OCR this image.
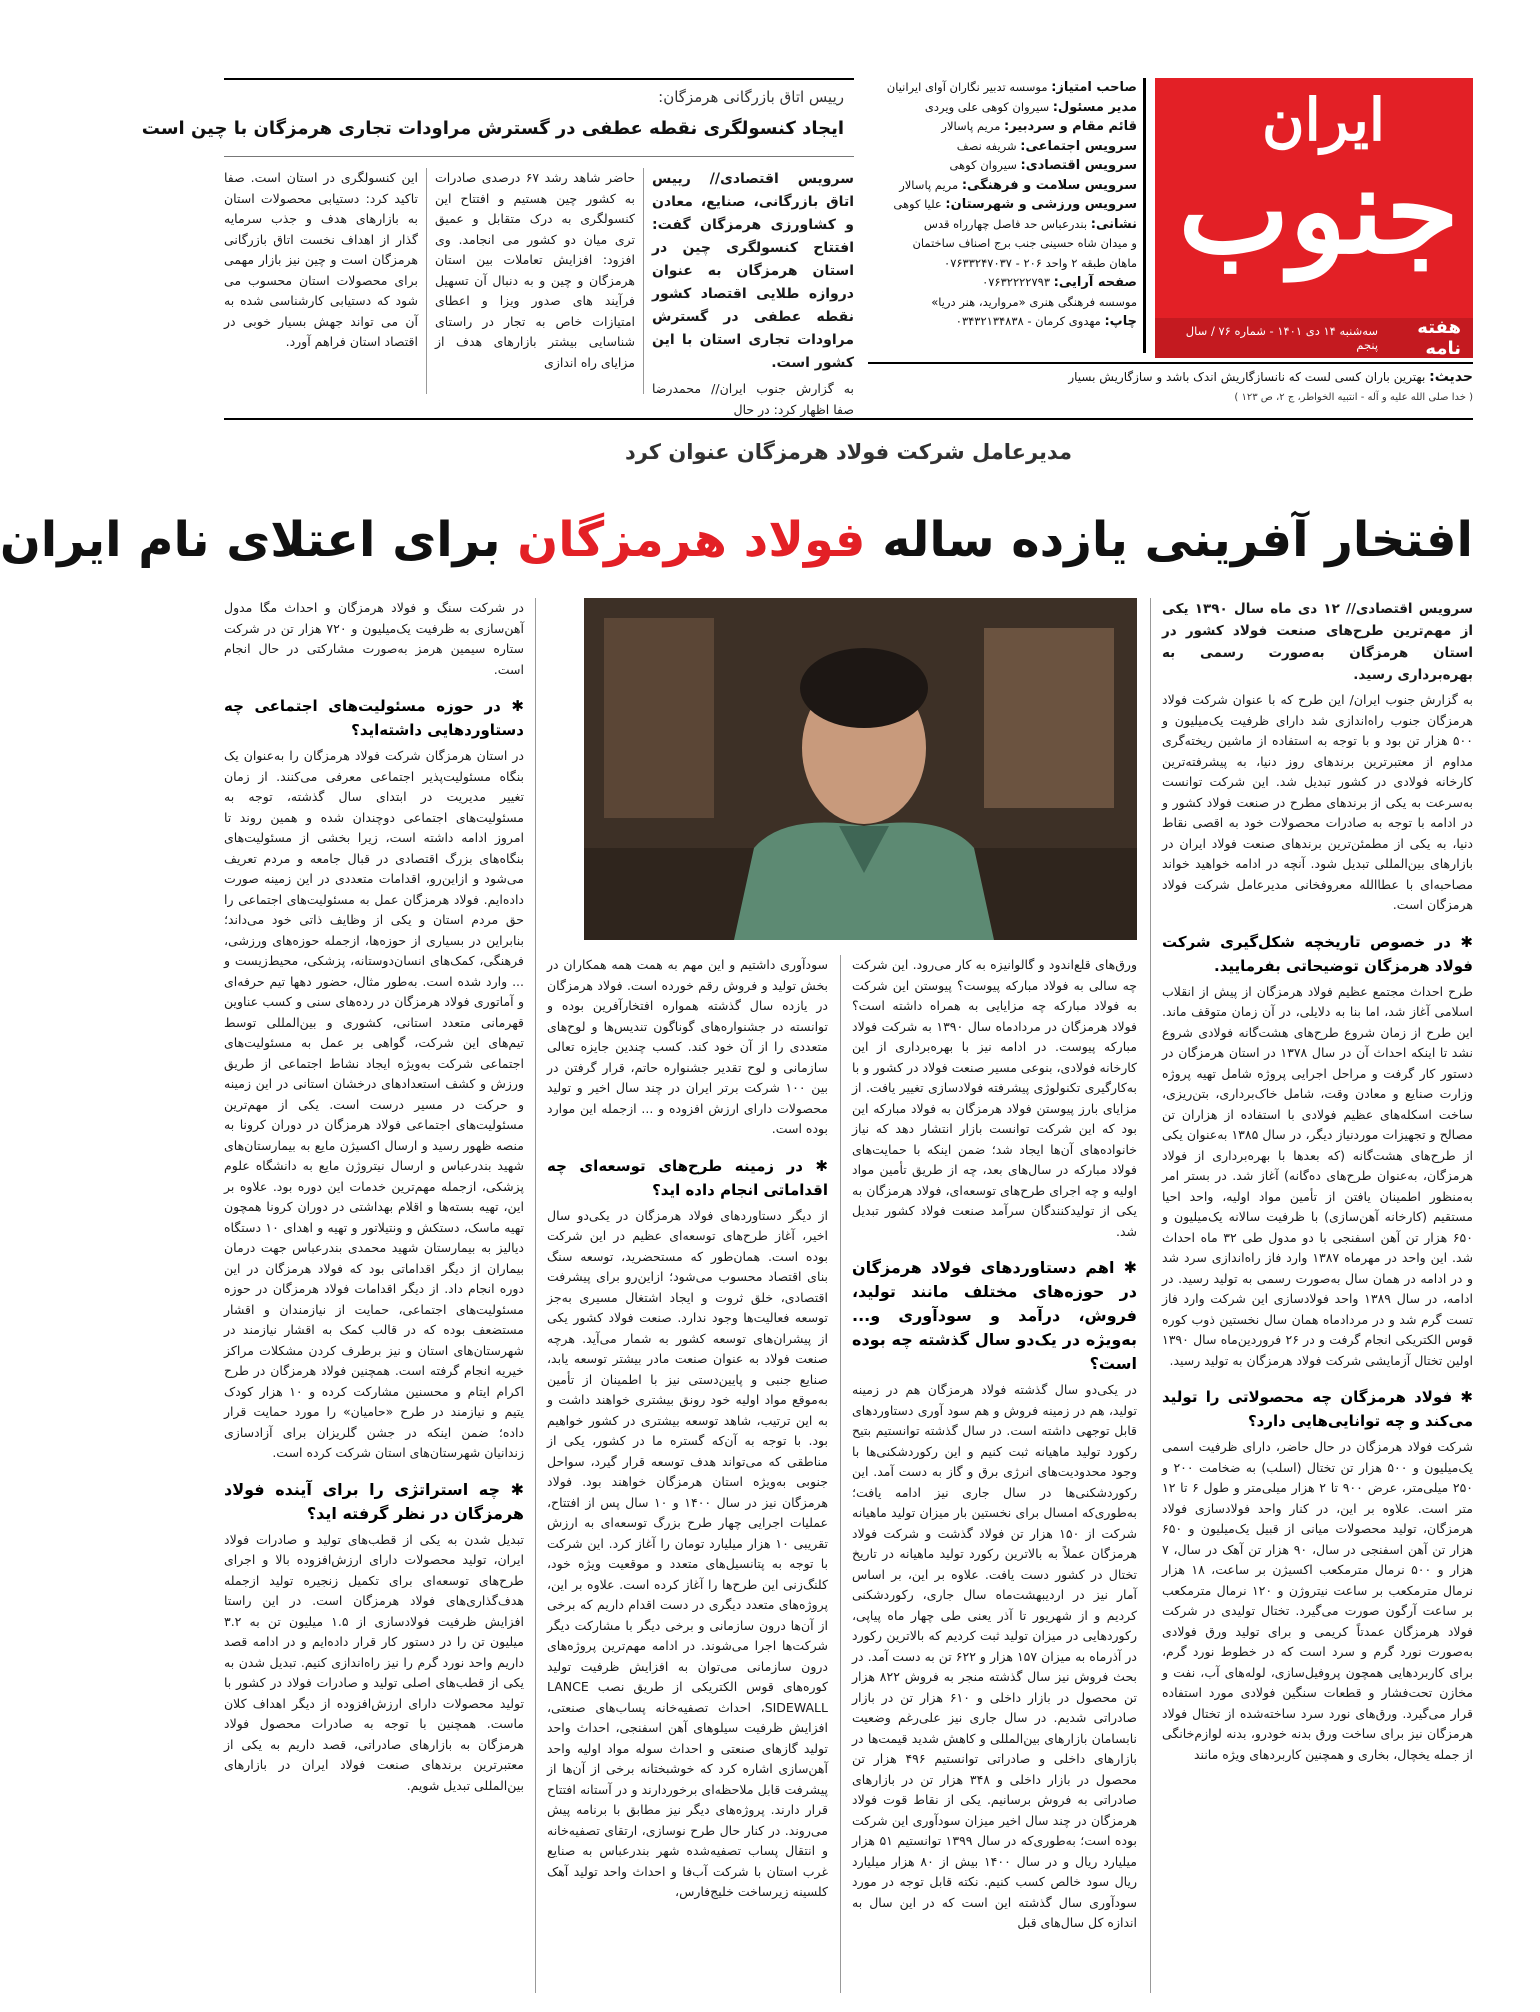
ایران
جنوب
هفته نامه
سه‌شنبه ۱۴ دی ۱۴۰۱ - شماره ۷۶ / سال پنجم
صاحب امتیاز: موسسه تدبیر نگاران آوای ایرانیان
مدیر مسئول: سیروان کوهی علی ویردی
قائم مقام و سردبیر: مریم پاسالار
سرویس اجتماعی: شریفه نصف
سرویس اقتصادی: سیروان کوهی
سرویس سلامت و فرهنگی: مریم پاسالار
سرویس ورزشی و شهرستان: علیا کوهی
نشانی: بندرعباس حد فاصل چهارراه قدس
و میدان شاه حسینی جنب برج اصناف ساختمان
ماهان طبقه ۲ واحد ۲۰۶ - ۰۷۶۳۳۲۴۷۰۳۷
صفحه آرایی: ۰۷۶۳۲۲۲۲۷۹۳
موسسه فرهنگی هنری «مروارید، هنر دریا»
چاپ: مهدوی کرمان - ۰۳۴۳۲۱۳۴۸۳۸
حدیث: بهترین باران کسی لست که نانسازگاریش اندک باشد و سازگاریش بسیار
( خدا صلی الله علیه و آله - انتبیه الخواطر، ج ۲، ص ۱۲۳ )
رییس اتاق بازرگانی هرمزگان:
ایجاد کنسولگری نقطه عطفی در گسترش مراودات تجاری هرمزگان با چین است

سرویس اقتصادی// رییس اتاق بازرگانی، صنایع، معادن و کشاورزی هرمزگان گفت: افتتاح کنسولگری چین در استان هرمزگان به عنوان دروازه طلایی اقتصاد کشور نقطه عطفی در گسترش مراودات تجاری استان با این کشور است.

به گزارش جنوب ایران// محمدرضا صفا اظهار کرد: در حال

حاضر شاهد رشد ۶۷ درصدی صادرات به کشور چین هستیم و افتتاح این کنسولگری به درک متقابل و عمیق تری میان دو کشور می انجامد. وی افزود: افزایش تعاملات بین استان هرمزگان و چین و به دنبال آن تسهیل فرآیند های صدور ویزا و اعطای امتیازات خاص به تجار در راستای شناسایی بیشتر بازارهای هدف از مزایای راه اندازی

این کنسولگری در استان است. صفا تاکید کرد: دستیابی محصولات استان به بازارهای هدف و جذب سرمایه گذار از اهداف نخست اتاق بازرگانی هرمزگان است و چین نیز بازار مهمی برای محصولات استان محسوب می شود که دستیابی کارشناسی شده به آن می تواند جهش بسیار خوبی در اقتصاد استان فراهم آورد.

مدیرعامل شرکت فولاد هرمزگان عنوان کرد
افتخار آفرینی یازده ساله فولاد هرمزگان برای اعتلای نام ایران

سرویس اقتصادی// ۱۲ دی ماه سال ۱۳۹۰ یکی از مهم‌ترین طرح‌های صنعت فولاد کشور در استان هرمزگان به‌صورت رسمی به بهره‌برداری رسید.

به گزارش جنوب ایران/ این طرح که با عنوان شرکت فولاد هرمزگان جنوب راه‌اندازی شد دارای ظرفیت یک‌میلیون و ۵۰۰ هزار تن بود و با توجه به استفاده از ماشین ریخته‌گری مداوم از معتبرترین برندهای روز دنیا، به پیشرفته‌ترین کارخانه فولادی در کشور تبدیل شد. این شرکت توانست به‌سرعت به یکی از برندهای مطرح در صنعت فولاد کشور و در ادامه با توجه به صادرات محصولات خود به اقصی نقاط دنیا، به یکی از مطمئن‌ترین برندهای صنعت فولاد ایران در بازارهای بین‌المللی تبدیل شود. آنچه در ادامه خواهید خواند مصاحبه‌ای با عطاالله معروفخانی مدیرعامل شرکت فولاد هرمزگان است.

✱ در خصوص تاریخچه شکل‌گیری شرکت فولاد هرمزگان توضیحاتی بفرمایید.

طرح احداث مجتمع عظیم فولاد هرمزگان از پیش از انقلاب اسلامی آغاز شد، اما بنا به دلایلی، در آن زمان متوقف ماند. این طرح از زمان شروع طرح‌های هشت‌گانه فولادی شروع نشد تا اینکه احداث آن در سال ۱۳۷۸ در استان هرمزگان در دستور کار گرفت و مراحل اجرایی پروژه شامل تهیه پروژه وزارت صنایع و معادن وقت، شامل خاک‌برداری، بتن‌ریزی، ساخت اسکله‌های عظیم فولادی با استفاده از هزاران تن مصالح و تجهیزات موردنیاز دیگر، در سال ۱۳۸۵ به‌عنوان یکی از طرح‌های هشت‌گانه (که بعدها با بهره‌برداری از فولاد هرمزگان، به‌عنوان طرح‌های ده‌گانه) آغاز شد. در بستر امر به‌منظور اطمینان یافتن از تأمین مواد اولیه، واحد احیا مستقیم (کارخانه آهن‌سازی) با ظرفیت سالانه یک‌میلیون و ۶۵۰ هزار تن آهن اسفنجی با دو مدول طی ۳۲ ماه احداث شد. این واحد در مهرماه ۱۳۸۷ وارد فاز راه‌اندازی سرد شد و در ادامه در همان سال به‌صورت رسمی به تولید رسید. در ادامه، در سال ۱۳۸۹ واحد فولادسازی این شرکت وارد فاز تست گرم شد و در مردادماه همان سال نخستین ذوب کوره قوس الکتریکی انجام گرفت و در ۲۶ فروردین‌ماه سال ۱۳۹۰ اولین تختال آزمایشی شرکت فولاد هرمزگان به تولید رسید.

✱ فولاد هرمزگان چه محصولاتی را تولید می‌کند و چه توانایی‌هایی دارد؟

شرکت فولاد هرمزگان در حال حاضر، دارای ظرفیت اسمی یک‌میلیون و ۵۰۰ هزار تن تختال (اسلب) به ضخامت ۲۰۰ و ۲۵۰ میلی‌متر، عرض ۹۰۰ تا ۲ هزار میلی‌متر و طول ۶ تا ۱۲ متر است. علاوه بر این، در کنار واحد فولادسازی فولاد هرمزگان، تولید محصولات میانی از قبیل یک‌میلیون و ۶۵۰ هزار تن آهن اسفنجی در سال، ۹۰ هزار تن آهک در سال، ۷ هزار و ۵۰۰ نرمال مترمکعب اکسیژن بر ساعت، ۱۸ هزار نرمال مترمکعب بر ساعت نیتروژن و ۱۲۰ نرمال مترمکعب بر ساعت آرگون صورت می‌گیرد. تختال تولیدی در شرکت فولاد هرمزگان عمدتاً کریمی و برای تولید ورق فولادی به‌صورت نورد گرم و سرد است که در خطوط نورد گرم، برای کاربردهایی همچون پروفیل‌سازی، لوله‌های آب، نفت و مخازن تحت‌فشار و قطعات سنگین فولادی مورد استفاده قرار می‌گیرد. ورق‌های نورد سرد ساخته‌شده از تختال فولاد هرمزگان نیز برای ساخت ورق بدنه خودرو، بدنه لوازم‌خانگی از جمله یخچال، بخاری و همچنین کاربردهای ویژه مانند

ورق‌های قلع‌اندود و گالوانیزه به کار می‌رود. این شرکت چه سالی به فولاد مبارکه پیوست؟ پیوستن این شرکت به فولاد مبارکه چه مزایایی به همراه داشته است؟ فولاد هرمزگان در مردادماه سال ۱۳۹۰ به شرکت فولاد مبارکه پیوست. در ادامه نیز با بهره‌برداری از این کارخانه فولادی، بنوعی مسیر صنعت فولاد در کشور و با به‌کارگیری تکنولوژی پیشرفته فولادسازی تغییر یافت. از مزایای بارز پیوستن فولاد هرمزگان به فولاد مبارکه این بود که این شرکت توانست بازار انتشار دهد که نیاز خانواده‌های آن‌ها ایجاد شد؛ ضمن اینکه با حمایت‌های فولاد مبارکه در سال‌های بعد، چه از طریق تأمین مواد اولیه و چه اجرای طرح‌های توسعه‌ای، فولاد هرمزگان به یکی از تولیدکنندگان سرآمد صنعت فولاد کشور تبدیل شد.

✱ اهم دستاوردهای فولاد هرمزگان در حوزه‌های مختلف مانند تولید، فروش، درآمد و سودآوری و... به‌ویژه در یک‌دو سال گذشته چه بوده است؟

در یکی‌دو سال گذشته فولاد هرمزگان هم در زمینه تولید، هم در زمینه فروش و هم سود آوری دستاوردهای قابل توجهی داشته است. در سال گذشته توانستیم بتیح رکورد تولید ماهیانه ثبت کنیم و این رکوردشکنی‌ها با وجود محدودیت‌های انرژی برق و گاز به دست آمد. این رکوردشکنی‌ها در سال جاری نیز ادامه یافت؛ به‌طوری‌که امسال برای نخستین بار میزان تولید ماهیانه شرکت از ۱۵۰ هزار تن فولاد گذشت و شرکت فولاد هرمزگان عملاً به بالاترین رکورد تولید ماهیانه در تاریخ تختال در کشور دست یافت. علاوه بر این، بر اساس آمار نیز در اردیبهشت‌ماه سال جاری، رکوردشکنی کردیم و از شهریور تا آذر یعنی طی چهار ماه پیاپی، رکوردهایی در میزان تولید ثبت کردیم که بالاترین رکورد در آذرماه به میزان ۱۵۷ هزار و ۶۲۲ تن به دست آمد. در بحث فروش نیز سال گذشته منجر به فروش ۸۲۲ هزار تن محصول در بازار داخلی و ۶۱۰ هزار تن در بازار صادراتی شدیم. در سال جاری نیز علی‌رغم وضعیت نابسامان بازارهای بین‌المللی و کاهش شدید قیمت‌ها در بازارهای داخلی و صادراتی توانستیم ۴۹۶ هزار تن محصول در بازار داخلی و ۳۴۸ هزار تن در بازارهای صادراتی به فروش برسانیم. یکی از نقاط قوت فولاد هرمزگان در چند سال اخیر میزان سودآوری این شرکت بوده است؛ به‌طوری‌که در سال ۱۳۹۹ توانستیم ۵۱ هزار میلیارد ریال و در سال ۱۴۰۰ بیش از ۸۰ هزار میلیارد ریال سود خالص کسب کنیم. نکته قابل توجه در مورد سودآوری سال گذشته این است که در این سال به اندازه کل سال‌های قبل

سودآوری داشتیم و این مهم به همت همه همکاران در بخش تولید و فروش رقم خورده است. فولاد هرمزگان در یازده سال گذشته همواره افتخارآفرین بوده و توانسته در جشنواره‌های گوناگون تندیس‌ها و لوح‌های متعددی را از آن خود کند. کسب چندین جایزه تعالی سازمانی و لوح تقدیر جشنواره حاتم، قرار گرفتن در بین ۱۰۰ شرکت برتر ایران در چند سال اخیر و تولید محصولات دارای ارزش افزوده و ... ازجمله این موارد بوده است.

✱ در زمینه طرح‌های توسعه‌ای چه اقداماتی انجام داده اید؟

از دیگر دستاوردهای فولاد هرمزگان در یکی‌دو سال اخیر، آغاز طرح‌های توسعه‌ای عظیم در این شرکت بوده است. همان‌طور که مستحضرید، توسعه سنگ بنای اقتصاد محسوب می‌شود؛ ازاین‌رو برای پیشرفت اقتصادی، خلق ثروت و ایجاد اشتغال مسیری به‌جز توسعه فعالیت‌ها وجود ندارد. صنعت فولاد کشور یکی از پیشران‌های توسعه کشور به شمار می‌آید. هرچه صنعت فولاد به عنوان صنعت مادر بیشتر توسعه یابد، صنایع جنبی و پایین‌دستی نیز با اطمینان از تأمین به‌موقع مواد اولیه خود رونق بیشتری خواهند داشت و به این ترتیب، شاهد توسعه بیشتری در کشور خواهیم بود. با توجه به آن‌که گستره ما در کشور، یکی از مناطقی که می‌تواند هدف توسعه قرار گیرد، سواحل جنوبی به‌ویژه استان هرمزگان خواهند بود. فولاد هرمزگان نیز در سال ۱۴۰۰ و ۱۰ سال پس از افتتاح، عملیات اجرایی چهار طرح بزرگ توسعه‌ای به ارزش تقریبی ۱۰ هزار میلیارد تومان را آغاز کرد. این شرکت با توجه به پتانسیل‌های متعدد و موقعیت ویژه خود، کلنگ‌زنی این طرح‌ها را آغاز کرده است. علاوه بر این، پروژه‌های متعدد دیگری در دست اقدام داریم که برخی از آن‌ها درون سازمانی و برخی دیگر با مشارکت دیگر شرکت‌ها اجرا می‌شوند. در ادامه مهم‌ترین پروژه‌های درون سازمانی می‌توان به افزایش ظرفیت تولید کوره‌های قوس الکتریکی از طریق نصب LANCE SIDEWALL، احداث تصفیه‌خانه پساب‌های صنعتی، افزایش ظرفیت سیلوهای آهن اسفنجی، احداث واحد تولید گازهای صنعتی و احداث سوله مواد اولیه واحد آهن‌سازی اشاره کرد که خوشبختانه برخی از آن‌ها از پیشرفت قابل ملاحظه‌ای برخوردارند و در آستانه افتتاح قرار دارند. پروژه‌های دیگر نیز مطابق با برنامه پیش می‌روند. در کنار حال طرح نوسازی، ارتقای تصفیه‌خانه و انتقال پساب تصفیه‌شده شهر بندرعباس به صنایع غرب استان با شرکت آب‌فا و احداث واحد تولید آهک کلسینه زیرساخت خلیج‌فارس،

در شرکت سنگ و فولاد هرمزگان و احداث مگا مدول آهن‌سازی به ظرفیت یک‌میلیون و ۷۲۰ هزار تن در شرکت ستاره سیمین هرمز به‌صورت مشارکتی در حال انجام است.

✱ در حوزه مسئولیت‌های اجتماعی چه دستاوردهایی داشته‌اید؟

در استان هرمزگان شرکت فولاد هرمزگان را به‌عنوان یک بنگاه مسئولیت‌پذیر اجتماعی معرفی می‌کنند. از زمان تغییر مدیریت در ابتدای سال گذشته، توجه به مسئولیت‌های اجتماعی دوچندان شده و همین روند تا امروز ادامه داشته است، زیرا بخشی از مسئولیت‌های بنگاه‌های بزرگ اقتصادی در قبال جامعه و مردم تعریف می‌شود و ازاین‌رو، اقدامات متعددی در این زمینه صورت داده‌ایم. فولاد هرمزگان عمل به مسئولیت‌های اجتماعی را حق مردم استان و یکی از وظایف ذاتی خود می‌داند؛ بنابراین در بسیاری از حوزه‌ها، ازجمله حوزه‌های ورزشی، فرهنگی، کمک‌های انسان‌دوستانه، پزشکی، محیط‌زیست و ... وارد شده است. به‌طور مثال، حضور دهها تیم حرفه‌ای و آماتوری فولاد هرمزگان در رده‌های سنی و کسب عناوین قهرمانی متعدد استانی، کشوری و بین‌المللی توسط تیم‌های این شرکت، گواهی بر عمل به مسئولیت‌های اجتماعی شرکت به‌ویژه ایجاد نشاط اجتماعی از طریق ورزش و کشف استعدادهای درخشان استانی در این زمینه و حرکت در مسیر درست است. یکی از مهم‌ترین مسئولیت‌های اجتماعی فولاد هرمزگان در دوران کرونا به منصه ظهور رسید و ارسال اکسیژن مایع به بیمارستان‌های شهید بندرعباس و ارسال نیتروژن مایع به دانشگاه علوم پزشکی، ازجمله مهم‌ترین خدمات این دوره بود. علاوه بر این، تهیه بسته‌ها و اقلام بهداشتی در دوران کرونا همچون تهیه ماسک، دستکش و ونتیلاتور و تهیه و اهدای ۱۰ دستگاه دیالیز به بیمارستان شهید محمدی بندرعباس جهت درمان بیماران از دیگر اقداماتی بود که فولاد هرمزگان در این دوره انجام داد. از دیگر اقدامات فولاد هرمزگان در حوزه مسئولیت‌های اجتماعی، حمایت از نیازمندان و اقشار مستضعف بوده که در قالب کمک به اقشار نیازمند در شهرستان‌های استان و نیز برطرف کردن مشکلات مراکز خیریه انجام گرفته است. همچنین فولاد هرمزگان در طرح اکرام ایتام و محسنین مشارکت کرده و ۱۰ هزار کودک یتیم و نیازمند در طرح «حامیان» را مورد حمایت قرار داده؛ ضمن اینکه در جشن گلریزان برای آزادسازی زندانیان شهرستان‌های استان شرکت کرده است.

✱ چه استراتژی را برای آینده فولاد هرمزگان در نظر گرفته اید؟

تبدیل شدن به یکی از قطب‌های تولید و صادرات فولاد ایران، تولید محصولات دارای ارزش‌افزوده بالا و اجرای طرح‌های توسعه‌ای برای تکمیل زنجیره تولید ازجمله هدف‌گذاری‌های فولاد هرمزگان است. در این راستا افزایش ظرفیت فولادسازی از ۱.۵ میلیون تن به ۳.۲ میلیون تن را در دستور کار قرار داده‌ایم و در ادامه قصد داریم واحد نورد گرم را نیز راه‌اندازی کنیم. تبدیل شدن به یکی از قطب‌های اصلی تولید و صادرات فولاد در کشور با تولید محصولات دارای ارزش‌افزوده از دیگر اهداف کلان ماست. همچنین با توجه به صادرات محصول فولاد هرمزگان به بازارهای صادراتی، قصد داریم به یکی از معتبرترین برندهای صنعت فولاد ایران در بازارهای بین‌المللی تبدیل شویم.
